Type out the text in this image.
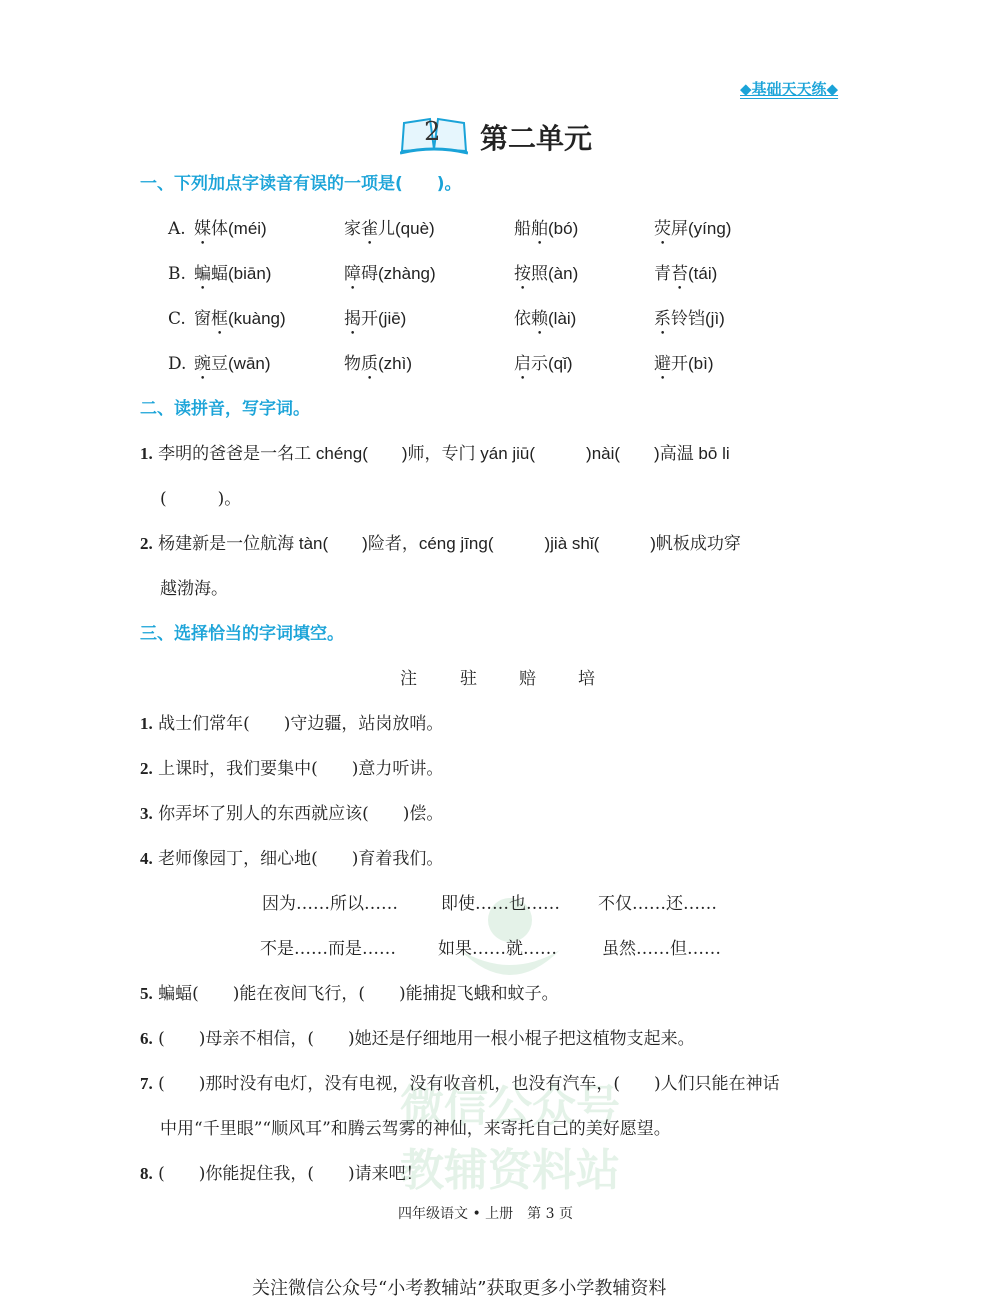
微信公众号
教辅资料站
◆基础天天练◆
2 第二单元
一、下列加点字读音有误的一项是(　　)。
A. 媒体(méi)	家雀儿(què)	船舶(bó)	荧屏(yíng)
B. 蝙蝠(biān)	障碍(zhàng)	按照(àn)	青苔(tái)
C. 窗框(kuàng)	揭开(jiē)	依赖(lài)	系铃铛(jì)
D. 豌豆(wān)	物质(zhì)	启示(qǐ)	避开(bì)
二、读拼音，写字词。
1. 李明的爸爸是一名工 chéng(　　)师，专门 yán jiū(　　　)nài(　　)高温 bō li
(　　　)。
2. 杨建新是一位航海 tàn(　　)险者，céng jīng(　　　)jià shǐ(　　　)帆板成功穿
越渤海。
三、选择恰当的字词填空。
注	驻 赔 培
1. 战士们常年(　　)守边疆，站岗放哨。
2. 上课时，我们要集中(　　)意力听讲。
3. 你弄坏了别人的东西就应该(　　)偿。
4. 老师像园丁，细心地(　　)育着我们。
因为……所以……	即使……也…… 不仅……还……
不是……而是…… 如果……就……	虽然……但……
5. 蝙蝠(　　)能在夜间飞行，(　　)能捕捉飞蛾和蚊子。
6. (　　)母亲不相信，(　　)她还是仔细地用一根小棍子把这植物支起来。
7. (　　)那时没有电灯，没有电视，没有收音机，也没有汽车，(　　)人们只能在神话
中用“千里眼”“顺风耳”和腾云驾雾的神仙，来寄托自己的美好愿望。
8. (　　)你能捉住我，(　　)请来吧！
四年级语文 • 上册　第 3 页
关注微信公众号“小考教辅站”获取更多小学教辅资料
